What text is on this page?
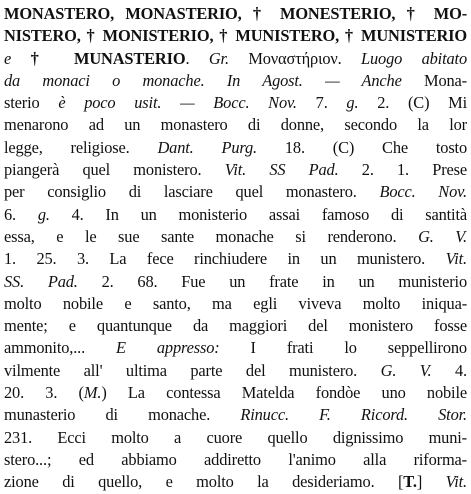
MONASTERO, MONASTERIO, † MONESTERIO, † MO-
NISTERO, † MONISTERIO, † MUNISTERO, † MUNISTERIO
e † MUNASTERIO. Gr. Μοναστήριον. Luogo abitato
da monaci o monache. In Agost. — Anche Mona-
sterio è poco usit. — Bocc. Nov. 7. g. 2. (C) Mi
menarono ad un monastero di donne, secondo la lor
legge, religiose. Dant. Purg. 18. (C) Che tosto
piangerà quel monistero. Vit. SS Pad. 2. 1. Prese
per consiglio di lasciare quel monastero. Bocc. Nov.
6. g. 4. In un monisterio assai famoso di santità
essa, e le sue sante monache si renderono. G. V.
1. 25. 3. La fece rinchiudere in un munistero. Vit.
SS. Pad. 2. 68. Fue un frate in un munisterio
molto nobile e santo, ma egli viveva molto iniqua-
mente; e quantunque da maggiori del monistero fosse
ammonito,... E appresso: I frati lo seppellirono
vilmente all' ultima parte del munistero. G. V. 4.
20. 3. (M.) La contessa Matelda fondòe uno nobile
munasterio di monache. Rinucc. F. Ricord. Stor.
231. Ecci molto a cuore quello dignissimo muni-
stero...; ed abbiamo addiretto l'animo alla riforma-
zione di quello, e molto la desideriamo. [T.] Vit.
